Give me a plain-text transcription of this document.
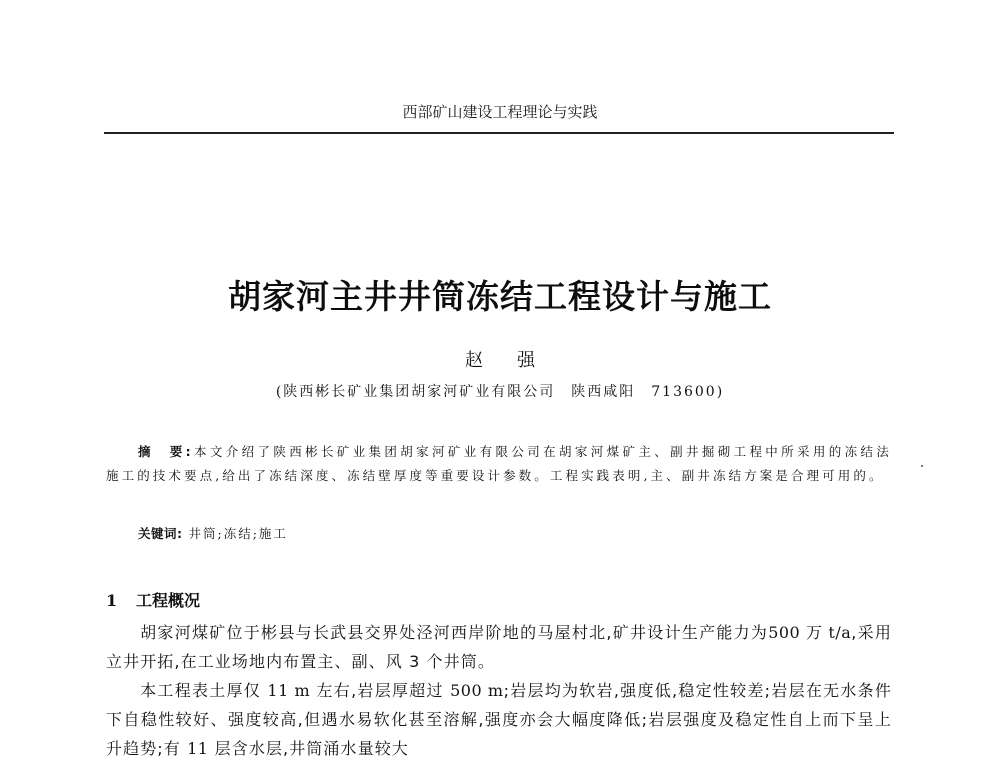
西部矿山建设工程理论与实践
胡家河主井井筒冻结工程设计与施工
赵 强
(陕西彬长矿业集团胡家河矿业有限公司　陕西咸阳　713600)
摘　要:本文介绍了陕西彬长矿业集团胡家河矿业有限公司在胡家河煤矿主、副井掘砌工程中所采用的冻结法施工的技术要点,给出了冻结深度、冻结壁厚度等重要设计参数。工程实践表明,主、副井冻结方案是合理可用的。
关键词: 井筒;冻结;施工
1 工程概况
胡家河煤矿位于彬县与长武县交界处泾河西岸阶地的马屋村北,矿井设计生产能力为500 万 t/a,采用立井开拓,在工业场地内布置主、副、风 3 个井筒。
本工程表土厚仅 11 m 左右,岩层厚超过 500 m;岩层均为软岩,强度低,稳定性较差;岩层在无水条件下自稳性较好、强度较高,但遇水易软化甚至溶解,强度亦会大幅度降低;岩层强度及稳定性自上而下呈上升趋势;有 11 层含水层,井筒涌水量较大
